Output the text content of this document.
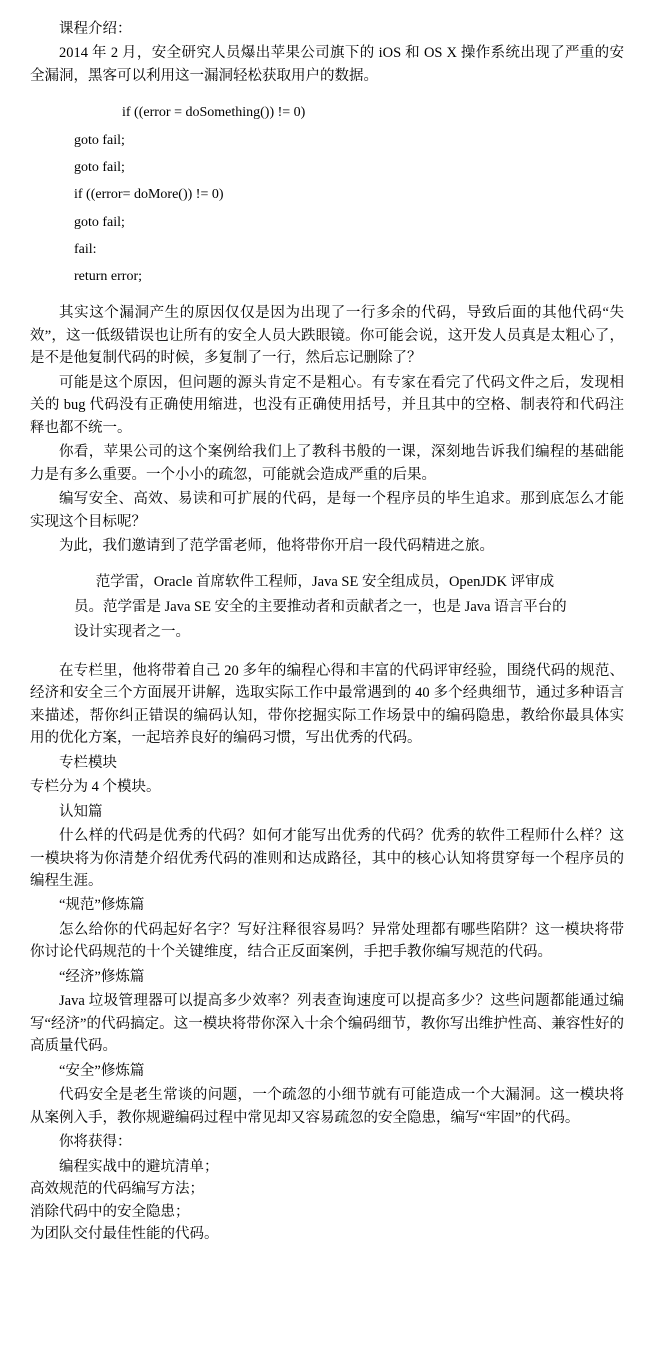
课程介绍：

2014 年 2 月，安全研究人员爆出苹果公司旗下的 iOS 和 OS X 操作系统出现了严重的安全漏洞，黑客可以利用这一漏洞轻松获取用户的数据。

if ((error = doSomething()) != 0)
goto fail;
goto fail;
if ((error= doMore()) != 0)
goto fail;
fail:
return error;

其实这个漏洞产生的原因仅仅是因为出现了一行多余的代码，导致后面的其他代码“失效”，这一低级错误也让所有的安全人员大跌眼镜。你可能会说，这开发人员真是太粗心了，是不是他复制代码的时候，多复制了一行，然后忘记删除了？

可能是这个原因，但问题的源头肯定不是粗心。有专家在看完了代码文件之后，发现相关的 bug 代码没有正确使用缩进，也没有正确使用括号，并且其中的空格、制表符和代码注释也都不统一。

你看，苹果公司的这个案例给我们上了教科书般的一课，深刻地告诉我们编程的基础能力是有多么重要。一个小小的疏忽，可能就会造成严重的后果。

编写安全、高效、易读和可扩展的代码，是每一个程序员的毕生追求。那到底怎么才能实现这个目标呢？

为此，我们邀请到了范学雷老师，他将带你开启一段代码精进之旅。

范学雷，Oracle 首席软件工程师，Java SE 安全组成员，OpenJDK 评审成

员。范学雷是 Java SE 安全的主要推动者和贡献者之一，也是 Java 语言平台的

设计实现者之一。

在专栏里，他将带着自己 20 多年的编程心得和丰富的代码评审经验，围绕代码的规范、经济和安全三个方面展开讲解，选取实际工作中最常遇到的 40 多个经典细节，通过多种语言来描述，帮你纠正错误的编码认知，带你挖掘实际工作场景中的编码隐患，教给你最具体实用的优化方案，一起培养良好的编码习惯，写出优秀的代码。

专栏模块

专栏分为 4 个模块。

认知篇

什么样的代码是优秀的代码？如何才能写出优秀的代码？优秀的软件工程师什么样？这一模块将为你清楚介绍优秀代码的准则和达成路径，其中的核心认知将贯穿每一个程序员的编程生涯。

“规范”修炼篇

怎么给你的代码起好名字？写好注释很容易吗？异常处理都有哪些陷阱？这一模块将带你讨论代码规范的十个关键维度，结合正反面案例，手把手教你编写规范的代码。

“经济”修炼篇

Java 垃圾管理器可以提高多少效率？列表查询速度可以提高多少？这些问题都能通过编写“经济”的代码搞定。这一模块将带你深入十余个编码细节，教你写出维护性高、兼容性好的高质量代码。

“安全”修炼篇

代码安全是老生常谈的问题，一个疏忽的小细节就有可能造成一个大漏洞。这一模块将从案例入手，教你规避编码过程中常见却又容易疏忽的安全隐患，编写“牢固”的代码。

你将获得：

编程实战中的避坑清单；

高效规范的代码编写方法；

消除代码中的安全隐患；

为团队交付最佳性能的代码。
